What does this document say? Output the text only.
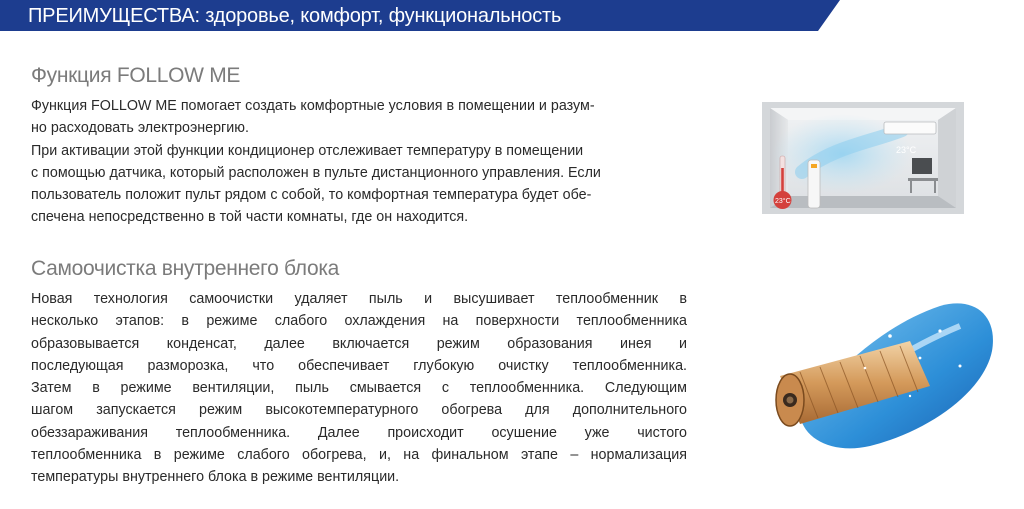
ПРЕИМУЩЕСТВА: здоровье, комфорт, функциональность
Функция FOLLOW ME
Функция FOLLOW ME помогает создать комфортные условия в помещении и разум-
но расходовать электроэнергию.
При активации этой функции кондиционер отслеживает температуру в помещении
с помощью датчика, который расположен в пульте дистанционного управления. Если
пользователь положит пульт рядом с собой, то комфортная температура будет обе-
спечена непосредственно в той части комнаты, где он находится.
23°C
23°C
Самоочистка внутреннего блока
Новая технология самоочистки удаляет пыль и высушивает теплообменник в
несколько этапов: в режиме слабого охлаждения на поверхности теплообменника
образовывается конденсат, далее включается режим образования инея и
последующая разморозка, что обеспечивает глубокую очистку теплообменника.
Затем в режиме вентиляции, пыль смывается с теплообменника. Следующим
шагом запускается режим высокотемпературного обогрева для дополнительного
обеззараживания теплообменника. Далее происходит осушение уже чистого
теплообменника в режиме слабого обогрева, и, на финальном этапе – нормализация
температуры внутреннего блока в режиме вентиляции.
